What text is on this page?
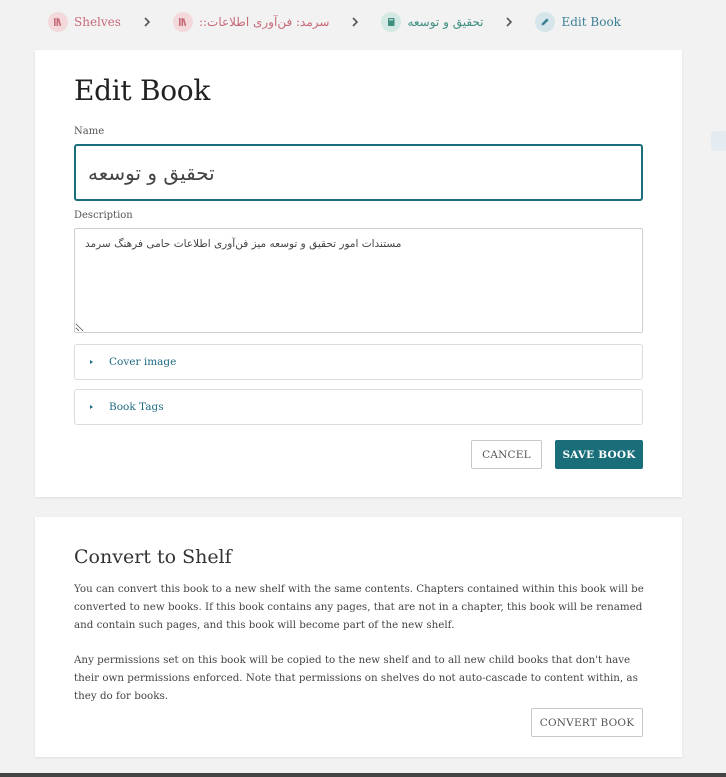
Shelves	سرمد: فن‌آوری اطلاعات::	تحقیق و توسعه	Edit Book
Edit Book
Name
تحقیق و توسعه
Description
مستندات امور تحقیق و توسعه میز فن‌آوری اطلاعات حامی فرهنگ سرمد
Cover image
Book Tags
CANCEL	SAVE BOOK
Convert to Shelf

You can convert this book to a new shelf with the same contents. Chapters contained within this book will be converted to new books. If this book contains any pages, that are not in a chapter, this book will be renamed and contain such pages, and this book will become part of the new shelf.

Any permissions set on this book will be copied to the new shelf and to all new child books that don't have their own permissions enforced. Note that permissions on shelves do not auto-cascade to content within, as they do for books.

CONVERT BOOK
